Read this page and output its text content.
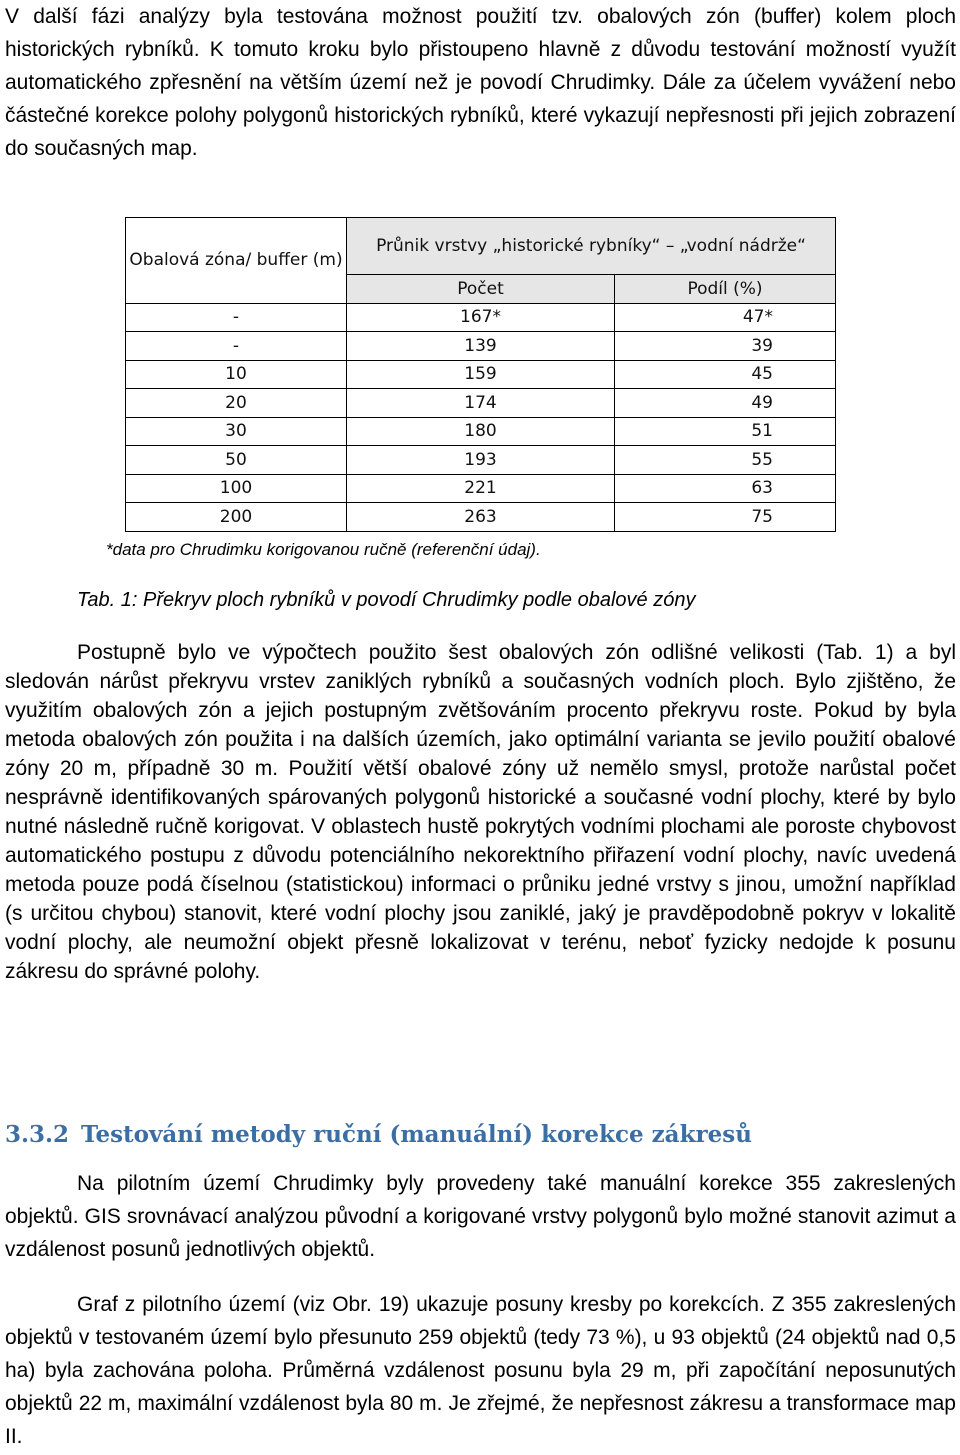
V další fázi analýzy byla testována možnost použití tzv. obalových zón (buffer) kolem ploch historických rybníků. K tomuto kroku bylo přistoupeno hlavně z důvodu testování možností využít automatického zpřesnění na větším území než je povodí Chrudimky. Dále za účelem vyvážení nebo částečné korekce polohy polygonů historických rybníků, které vykazují nepřesnosti při jejich zobrazení do současných map.

Obalová zóna/ buffer (m)	Průnik vrstvy „historické rybníky“ – „vodní nádrže“	
	Počet	Podíl (%)
-	167*	47*
-	139	39
10	159	45
20	174	49
30	180	51
50	193	55
100	221	63
200	263	75
*data pro Chrudimku korigovanou ručně (referenční údaj).
Tab. 1: Překryv ploch rybníků v povodí Chrudimky podle obalové zóny

Postupně bylo ve výpočtech použito šest obalových zón odlišné velikosti (Tab. 1) a byl sledován nárůst překryvu vrstev zaniklých rybníků a současných vodních ploch. Bylo zjištěno, že využitím obalových zón a jejich postupným zvětšováním procento překryvu roste. Pokud by byla metoda obalových zón použita i na dalších územích, jako optimální varianta se jevilo použití obalové zóny 20 m, případně 30 m. Použití větší obalové zóny už nemělo smysl, protože narůstal počet nesprávně identifikovaných spárovaných polygonů historické a současné vodní plochy, které by bylo nutné následně ručně korigovat. V oblastech hustě pokrytých vodními plochami ale poroste chybovost automatického postupu z důvodu potenciálního nekorektního přiřazení vodní plochy, navíc uvedená metoda pouze podá číselnou (statistickou) informaci o průniku jedné vrstvy s jinou, umožní například (s určitou chybou) stanovit, které vodní plochy jsou zaniklé, jaký je pravděpodobně pokryv v lokalitě vodní plochy, ale neumožní objekt přesně lokalizovat v terénu, neboť fyzicky nedojde k posunu zákresu do správné polohy.

3.3.2 Testování metody ruční (manuální) korekce zákresů

Na pilotním území Chrudimky byly provedeny také manuální korekce 355 zakreslených objektů. GIS srovnávací analýzou původní a korigované vrstvy polygonů bylo možné stanovit azimut a vzdálenost posunů jednotlivých objektů.

Graf z pilotního území (viz Obr. 19) ukazuje posuny kresby po korekcích. Z 355 zakreslených objektů v testovaném území bylo přesunuto 259 objektů (tedy 73 %), u 93 objektů (24 objektů nad 0,5 ha) byla zachována poloha. Průměrná vzdálenost posunu byla 29 m, při započítání neposunutých objektů 22 m, maximální vzdálenost byla 80 m. Je zřejmé, že nepřesnost zákresu a transformace map II.
